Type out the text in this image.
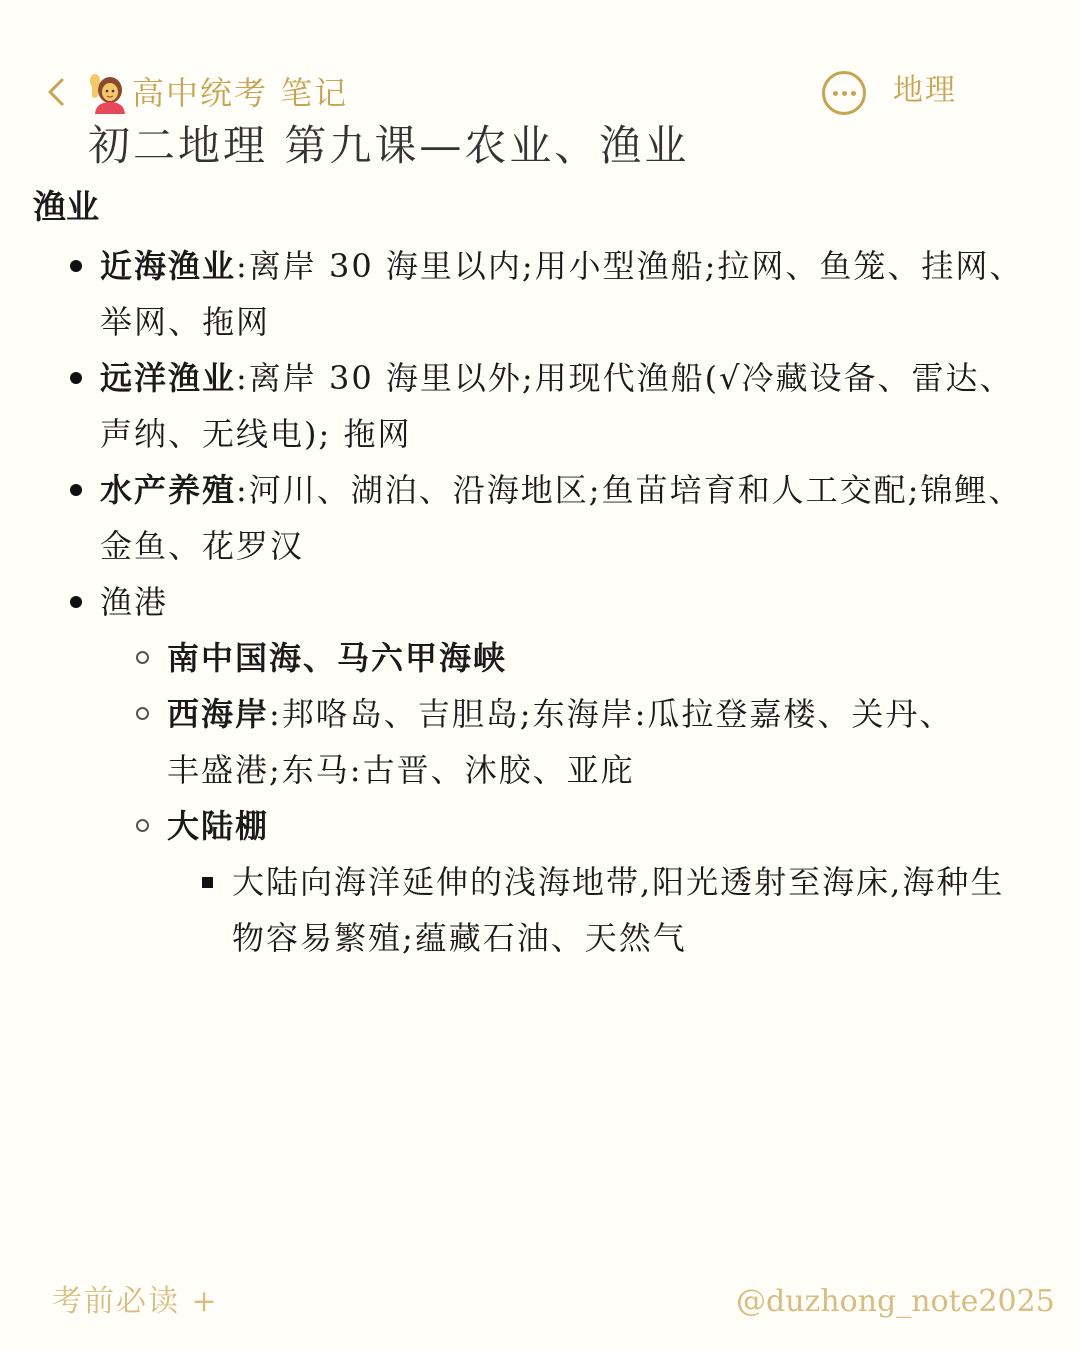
高中统考 笔记	地理
初二地理 第九课—农业、渔业
渔业
近海渔业:离岸 30 海里以内;用小型渔船;拉网、鱼笼、挂网、举网、拖网
远洋渔业:离岸 30 海里以外;用现代渔船(√冷藏设备、雷达、声纳、无线电); 拖网
水产养殖:河川、湖泊、沿海地区;鱼苗培育和人工交配;锦鲤、金鱼、花罗汉
渔港
南中国海、马六甲海峡
西海岸:邦咯岛、吉胆岛;东海岸:瓜拉登嘉楼、关丹、丰盛港;东马:古晋、沐胶、亚庇
大陆棚
大陆向海洋延伸的浅海地带,阳光透射至海床,海种生物容易繁殖;蕴藏石油、天然气
考前必读 +	@duzhong_note2025
